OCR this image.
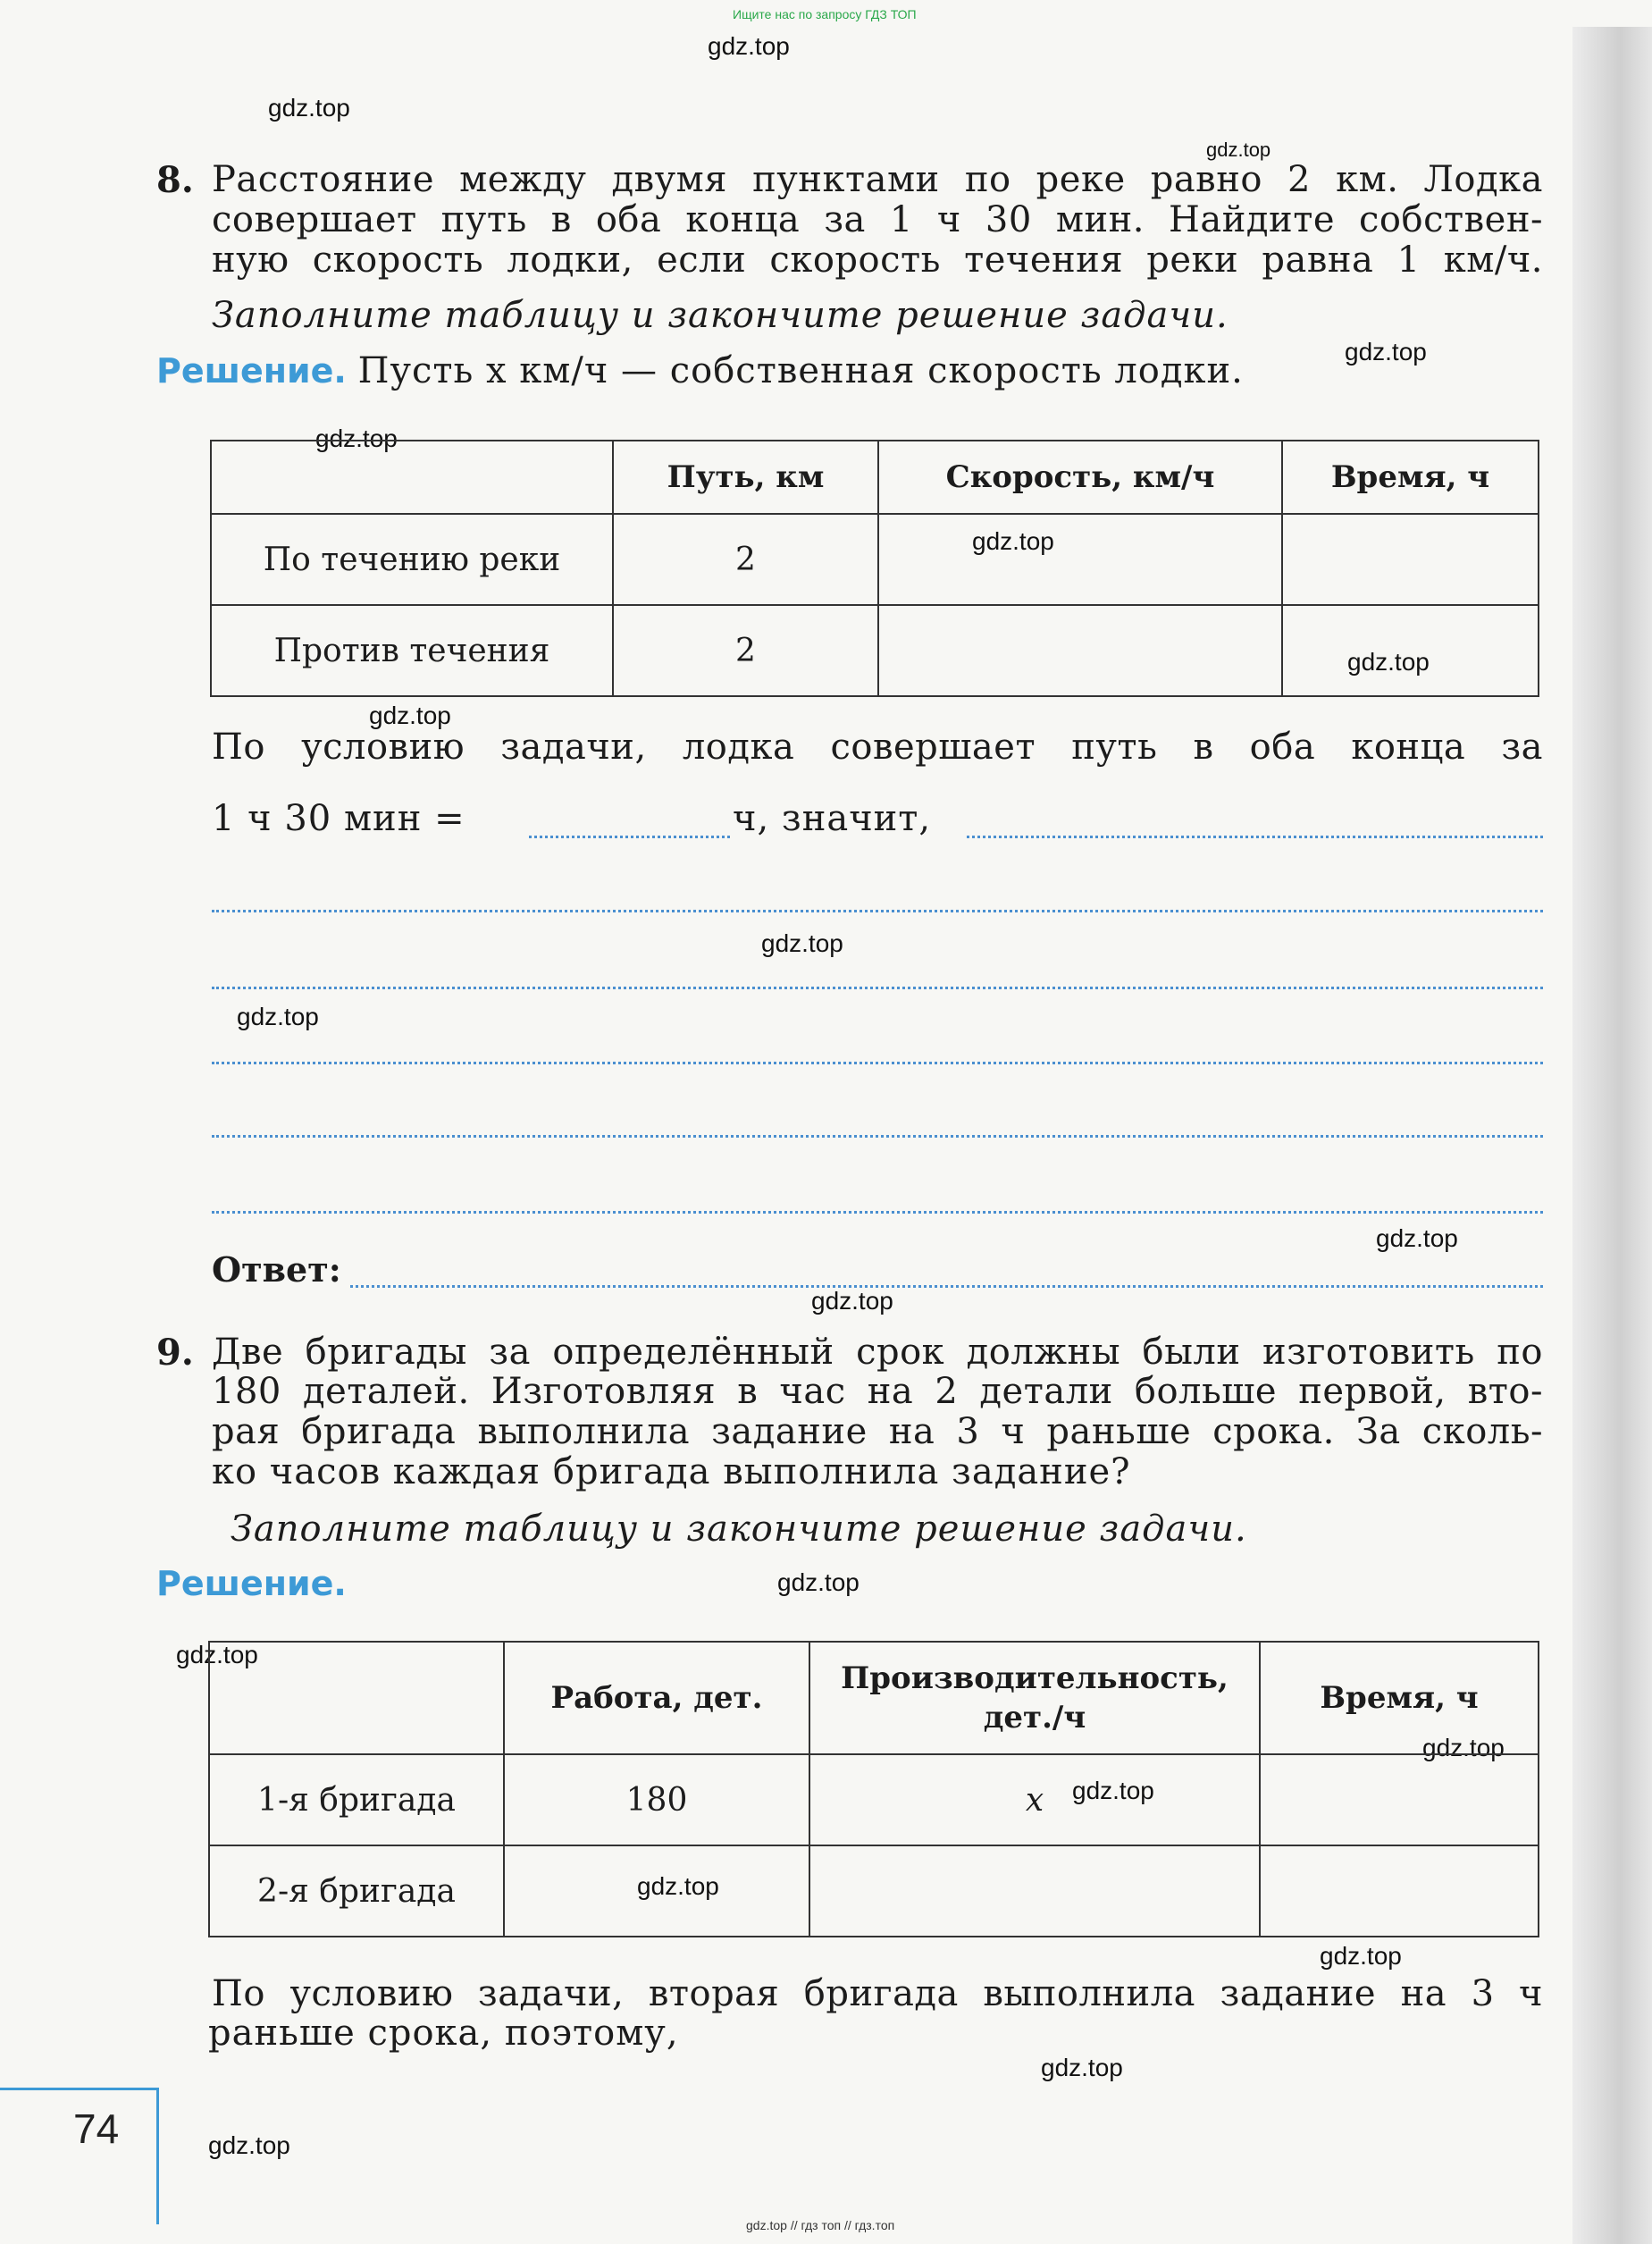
Ищите нас по запросу ГДЗ ТОП
gdz.top
gdz.top
gdz.top
gdz.top
gdz.top
gdz.top
gdz.top
gdz.top
gdz.top
gdz.top
gdz.top
gdz.top
gdz.top
gdz.top
gdz.top
gdz.top
gdz.top
gdz.top
gdz.top
gdz.top
8. Расстояние между двумя пунктами по реке равно 2 км. Лодка
совершает путь в оба конца за 1 ч 30 мин. Найдите собствен-
ную скорость лодки, если скорость течения реки равна 1 км/ч.
Заполните таблицу и закончите решение задачи.
Решение. Пусть x км/ч — собственная скорость лодки.
	Путь, км	Скорость, км/ч	Время, ч
По течению реки	2		
Против течения	2		
По условию задачи, лодка совершает путь в оба конца за
1 ч 30 мин =	ч, значит,
Ответ:
9. Две бригады за определённый срок должны были изготовить по
180 деталей. Изготовляя в час на 2 детали больше первой, вто-
рая бригада выполнила задание на 3 ч раньше срока. За сколь-
ко часов каждая бригада выполнила задание?
Заполните таблицу и закончите решение задачи.
Решение.
	Работа, дет.	Производительность, дет./ч	Время, ч
1-я бригада	180	x	
2-я бригада			
По условию задачи, вторая бригада выполнила задание на 3 ч
раньше срока, поэтому,
74
gdz.top // гдз топ // гдз.топ
